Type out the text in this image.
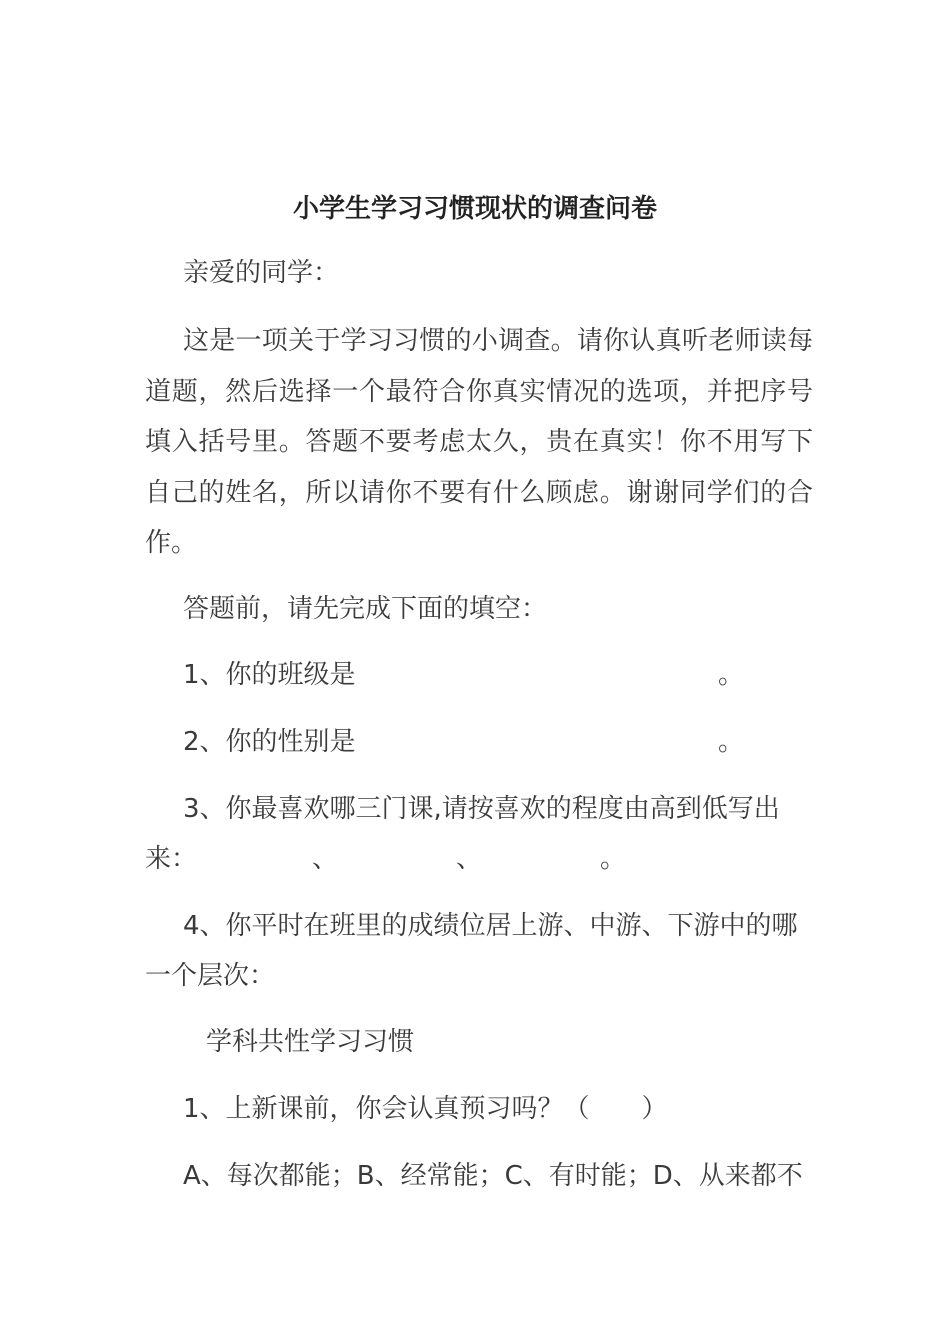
小学生学习习惯现状的调查问卷
亲爱的同学：
这是一项关于学习习惯的小调查。请你认真听老师读每道题，然后选择一个最符合你真实情况的选项，并把序号填入括号里。答题不要考虑太久，贵在真实！你不用写下自己的姓名，所以请你不要有什么顾虑。谢谢同学们的合作。
答题前，请先完成下面的填空：
1、你的班级是	。
2、你的性别是	。
3、你最喜欢哪三门课,请按喜欢的程度由高到低写出
来：	、	、	。
4、你平时在班里的成绩位居上游、中游、下游中的哪
一个层次：
学科共性学习习惯
1、上新课前，你会认真预习吗？（　　）
A、每次都能；B、经常能；C、有时能；D、从来都不
